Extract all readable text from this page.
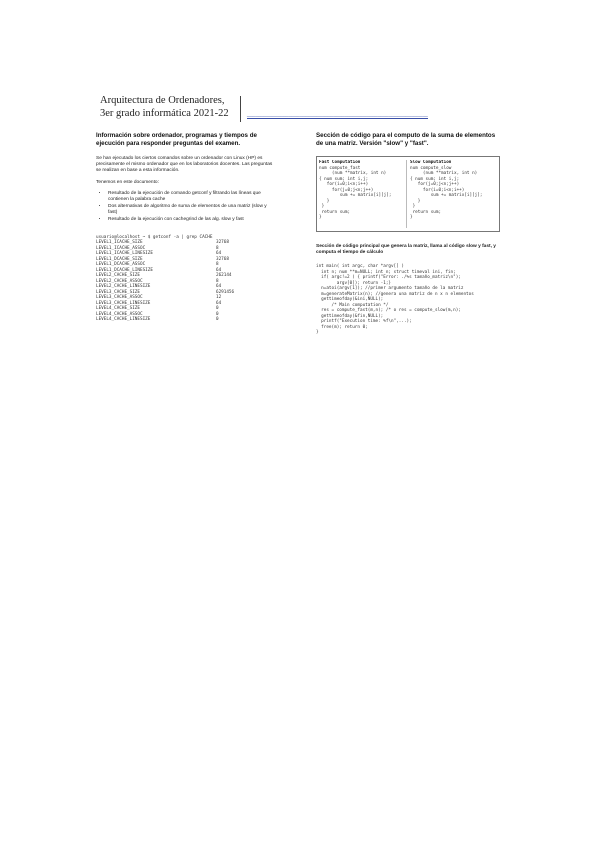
Arquitectura de Ordenadores,
3er grado informática 2021-22	_________________________________________________________________
Información sobre ordenador, programas y tiempos de ejecución para responder preguntas del examen.
Se han ejecutado los ciertos comandos sobre un ordenador con Linux (HP) es precisamente el mismo ordenador que en los laboratorios docentes. Las preguntas se realizan en base a esta información.
Tenemos en este documento:
• Resultado de la ejecución de comando getconf y filtrando las líneas que contienen la palabra cache
• Dos alternativas de algoritmo de suma de elementos de una matriz (slow y fast)
• Resultado de la ejecución con cachegrind de las alg. slow y fast
usuario@localhost ~ $ getconf -a | grep CACHE
LEVEL1_ICACHE_SIZE	32768
LEVEL1_ICACHE_ASSOC	8
LEVEL1_ICACHE_LINESIZE	64
LEVEL1_DCACHE_SIZE	32768
LEVEL1_DCACHE_ASSOC	8
LEVEL1_DCACHE_LINESIZE	64
LEVEL2_CACHE_SIZE	262144
LEVEL2_CACHE_ASSOC	8
LEVEL2_CACHE_LINESIZE	64
LEVEL3_CACHE_SIZE	6291456
LEVEL3_CACHE_ASSOC	12
LEVEL3_CACHE_LINESIZE	64
LEVEL4_CACHE_SIZE	0
LEVEL4_CACHE_ASSOC	0
LEVEL4_CACHE_LINESIZE	0
Sección de código para el computo de la suma de elementos de una matriz. Versión "slow" y "fast".
Fast Computation
num compute_fast
(num **matrix, int n)
{ num sum; int i,j;
for(i=0;i<n;i++)
for(j=0;j<n;j++)
sum += matrix[i][j];
}
}
return sum;
}
Slow Computation
num compute_slow
(num **matrix, int n)
{ num sum; int i,j;
for(j=0;j<n;j++)
for(i=0;i<n;i++)
sum += matrix[i][j];
}
}
return sum;
}
Sección de código principal que genera la matriz, llama al código slow y fast, y computa el tiempo de cálculo
int main( int argc, char *argv[] )
int n; num **m=NULL; int n; struct timeval ini, fin;
if( argc!=2 ) { printf("Error: ./%s tamaño_matriz\n");
argv[0]); return -1;}
n=atoi(argv[1]); //primer argumento tamaño de la matriz
m=generateMatrix(n); //genera una matriz de n x n elementos
gettimeofday(&ini,NULL);
/* Main computation */
res = compute_fast(m,n); /* o res = compute_slow(m,n);
gettimeofday(&fin,NULL);
printf("Execution time: %f\n",...);
free(m); return 0;
}
